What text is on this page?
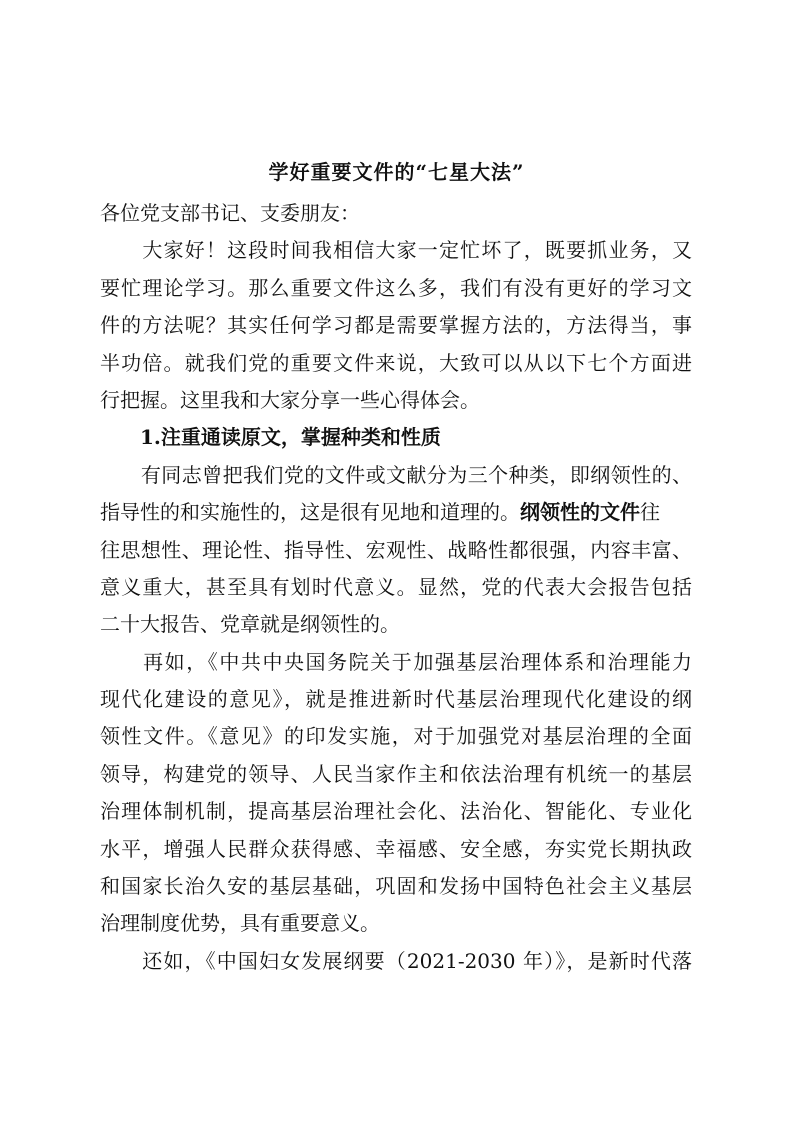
学好重要文件的“七星大法”
各位党支部书记、支委朋友：
　　大家好！这段时间我相信大家一定忙坏了，既要抓业务，又
要忙理论学习。那么重要文件这么多，我们有没有更好的学习文
件的方法呢？其实任何学习都是需要掌握方法的，方法得当，事
半功倍。就我们党的重要文件来说，大致可以从以下七个方面进
行把握。这里我和大家分享一些心得体会。
　　1.注重通读原文，掌握种类和性质
　　有同志曾把我们党的文件或文献分为三个种类，即纲领性的、
指导性的和实施性的，这是很有见地和道理的。纲领性的文件往
往思想性、理论性、指导性、宏观性、战略性都很强，内容丰富、
意义重大，甚至具有划时代意义。显然，党的代表大会报告包括
二十大报告、党章就是纲领性的。
　　再如，《中共中央国务院关于加强基层治理体系和治理能力
现代化建设的意见》，就是推进新时代基层治理现代化建设的纲
领性文件。《意见》的印发实施，对于加强党对基层治理的全面
领导，构建党的领导、人民当家作主和依法治理有机统一的基层
治理体制机制，提高基层治理社会化、法治化、智能化、专业化
水平，增强人民群众获得感、幸福感、安全感，夯实党长期执政
和国家长治久安的基层基础，巩固和发扬中国特色社会主义基层
治理制度优势，具有重要意义。
　　还如，《中国妇女发展纲要（2021-2030 年）》，是新时代落
